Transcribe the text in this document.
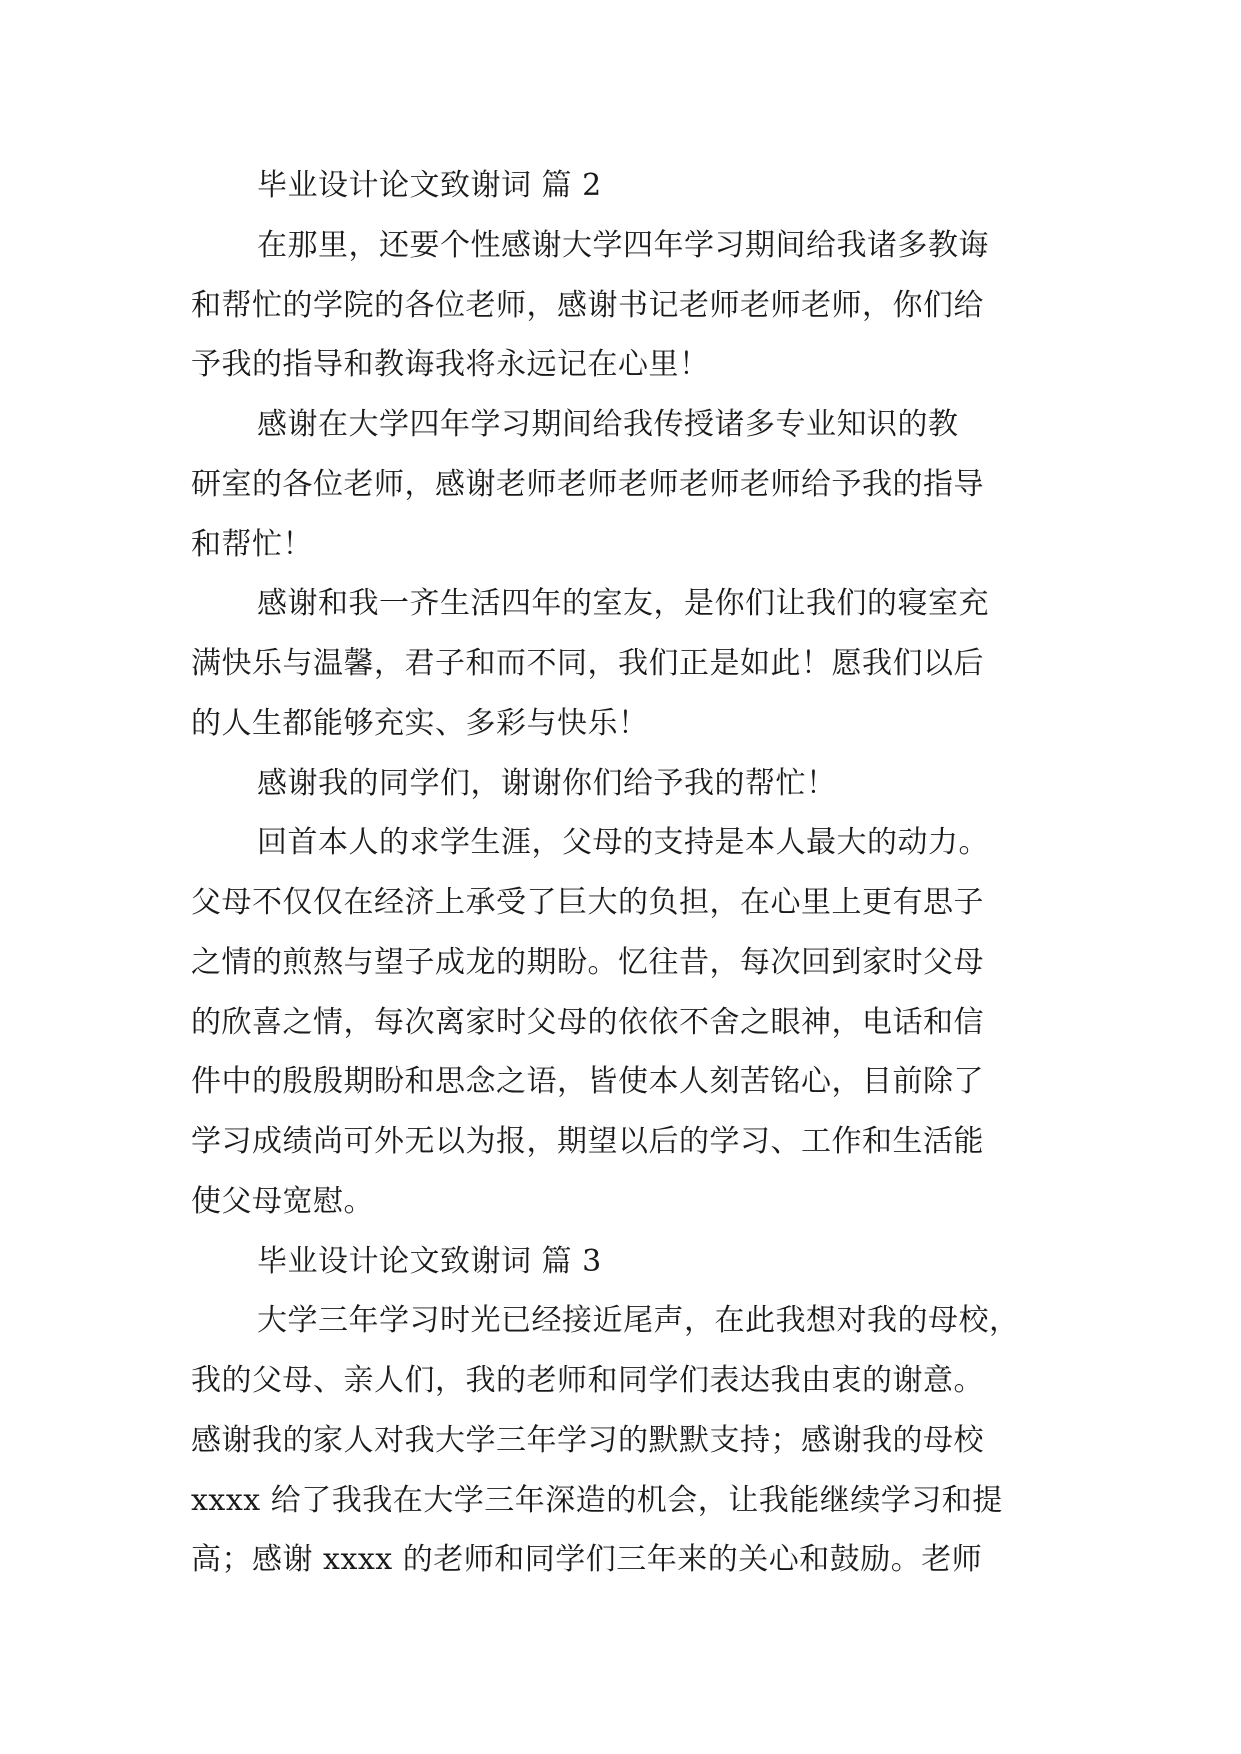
毕业设计论文致谢词 篇 2

在那里，还要个性感谢大学四年学习期间给我诸多教诲

和帮忙的学院的各位老师，感谢书记老师老师老师，你们给

予我的指导和教诲我将永远记在心里！

感谢在大学四年学习期间给我传授诸多专业知识的教

研室的各位老师，感谢老师老师老师老师老师给予我的指导

和帮忙！

感谢和我一齐生活四年的室友，是你们让我们的寝室充

满快乐与温馨，君子和而不同，我们正是如此！愿我们以后

的人生都能够充实、多彩与快乐！

感谢我的同学们，谢谢你们给予我的帮忙！

回首本人的求学生涯，父母的支持是本人最大的动力。

父母不仅仅在经济上承受了巨大的负担，在心里上更有思子

之情的煎熬与望子成龙的期盼。忆往昔，每次回到家时父母

的欣喜之情，每次离家时父母的依依不舍之眼神，电话和信

件中的殷殷期盼和思念之语，皆使本人刻苦铭心，目前除了

学习成绩尚可外无以为报，期望以后的学习、工作和生活能

使父母宽慰。

毕业设计论文致谢词 篇 3

大学三年学习时光已经接近尾声，在此我想对我的母校，

我的父母、亲人们，我的老师和同学们表达我由衷的谢意。

感谢我的家人对我大学三年学习的默默支持；感谢我的母校

xxxx 给了我我在大学三年深造的机会，让我能继续学习和提

高；感谢 xxxx 的老师和同学们三年来的关心和鼓励。老师
